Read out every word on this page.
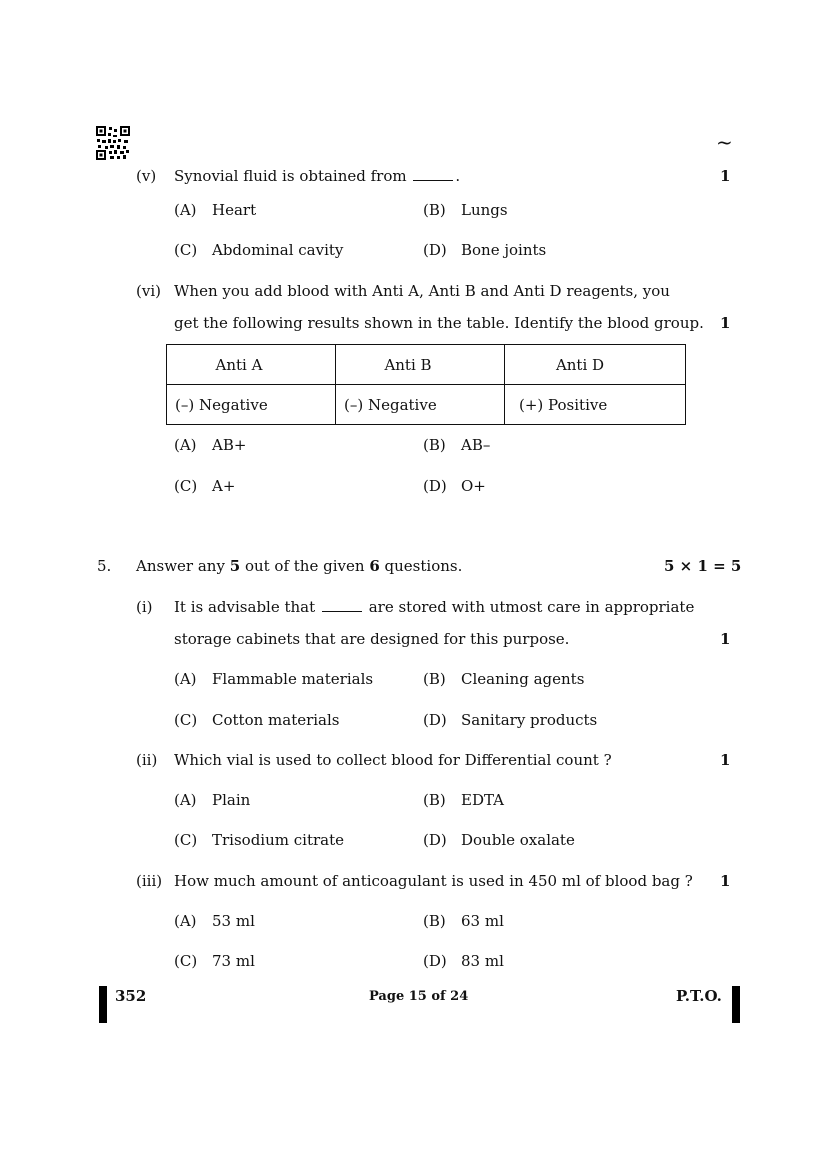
~
(v) Synovial fluid is obtained from	.	1
(A) Heart	(B) Lungs
(C) Abdominal cavity	(D) Bone joints
(vi) When you add blood with Anti A, Anti B and Anti D reagents, you
get the following results shown in the table. Identify the blood group. 1
Anti A	Anti B	Anti D
(–) Negative	(–) Negative	(+) Positive
(A) AB+	(B) AB–
(C) A+	(D) O+
5. Answer any 5 out of the given 6 questions.	5 × 1 = 5
(i) It is advisable that	are stored with utmost care in appropriate
storage cabinets that are designed for this purpose.	1
(A) Flammable materials	(B) Cleaning agents
(C) Cotton materials	(D) Sanitary products
(ii) Which vial is used to collect blood for Differential count ?	1
(A) Plain	(B) EDTA
(C) Trisodium citrate	(D) Double oxalate
(iii) How much amount of anticoagulant is used in 450 ml of blood bag ? 1
(A) 53 ml	(B) 63 ml
(C) 73 ml	(D) 83 ml
352	Page 15 of 24	P.T.O.
